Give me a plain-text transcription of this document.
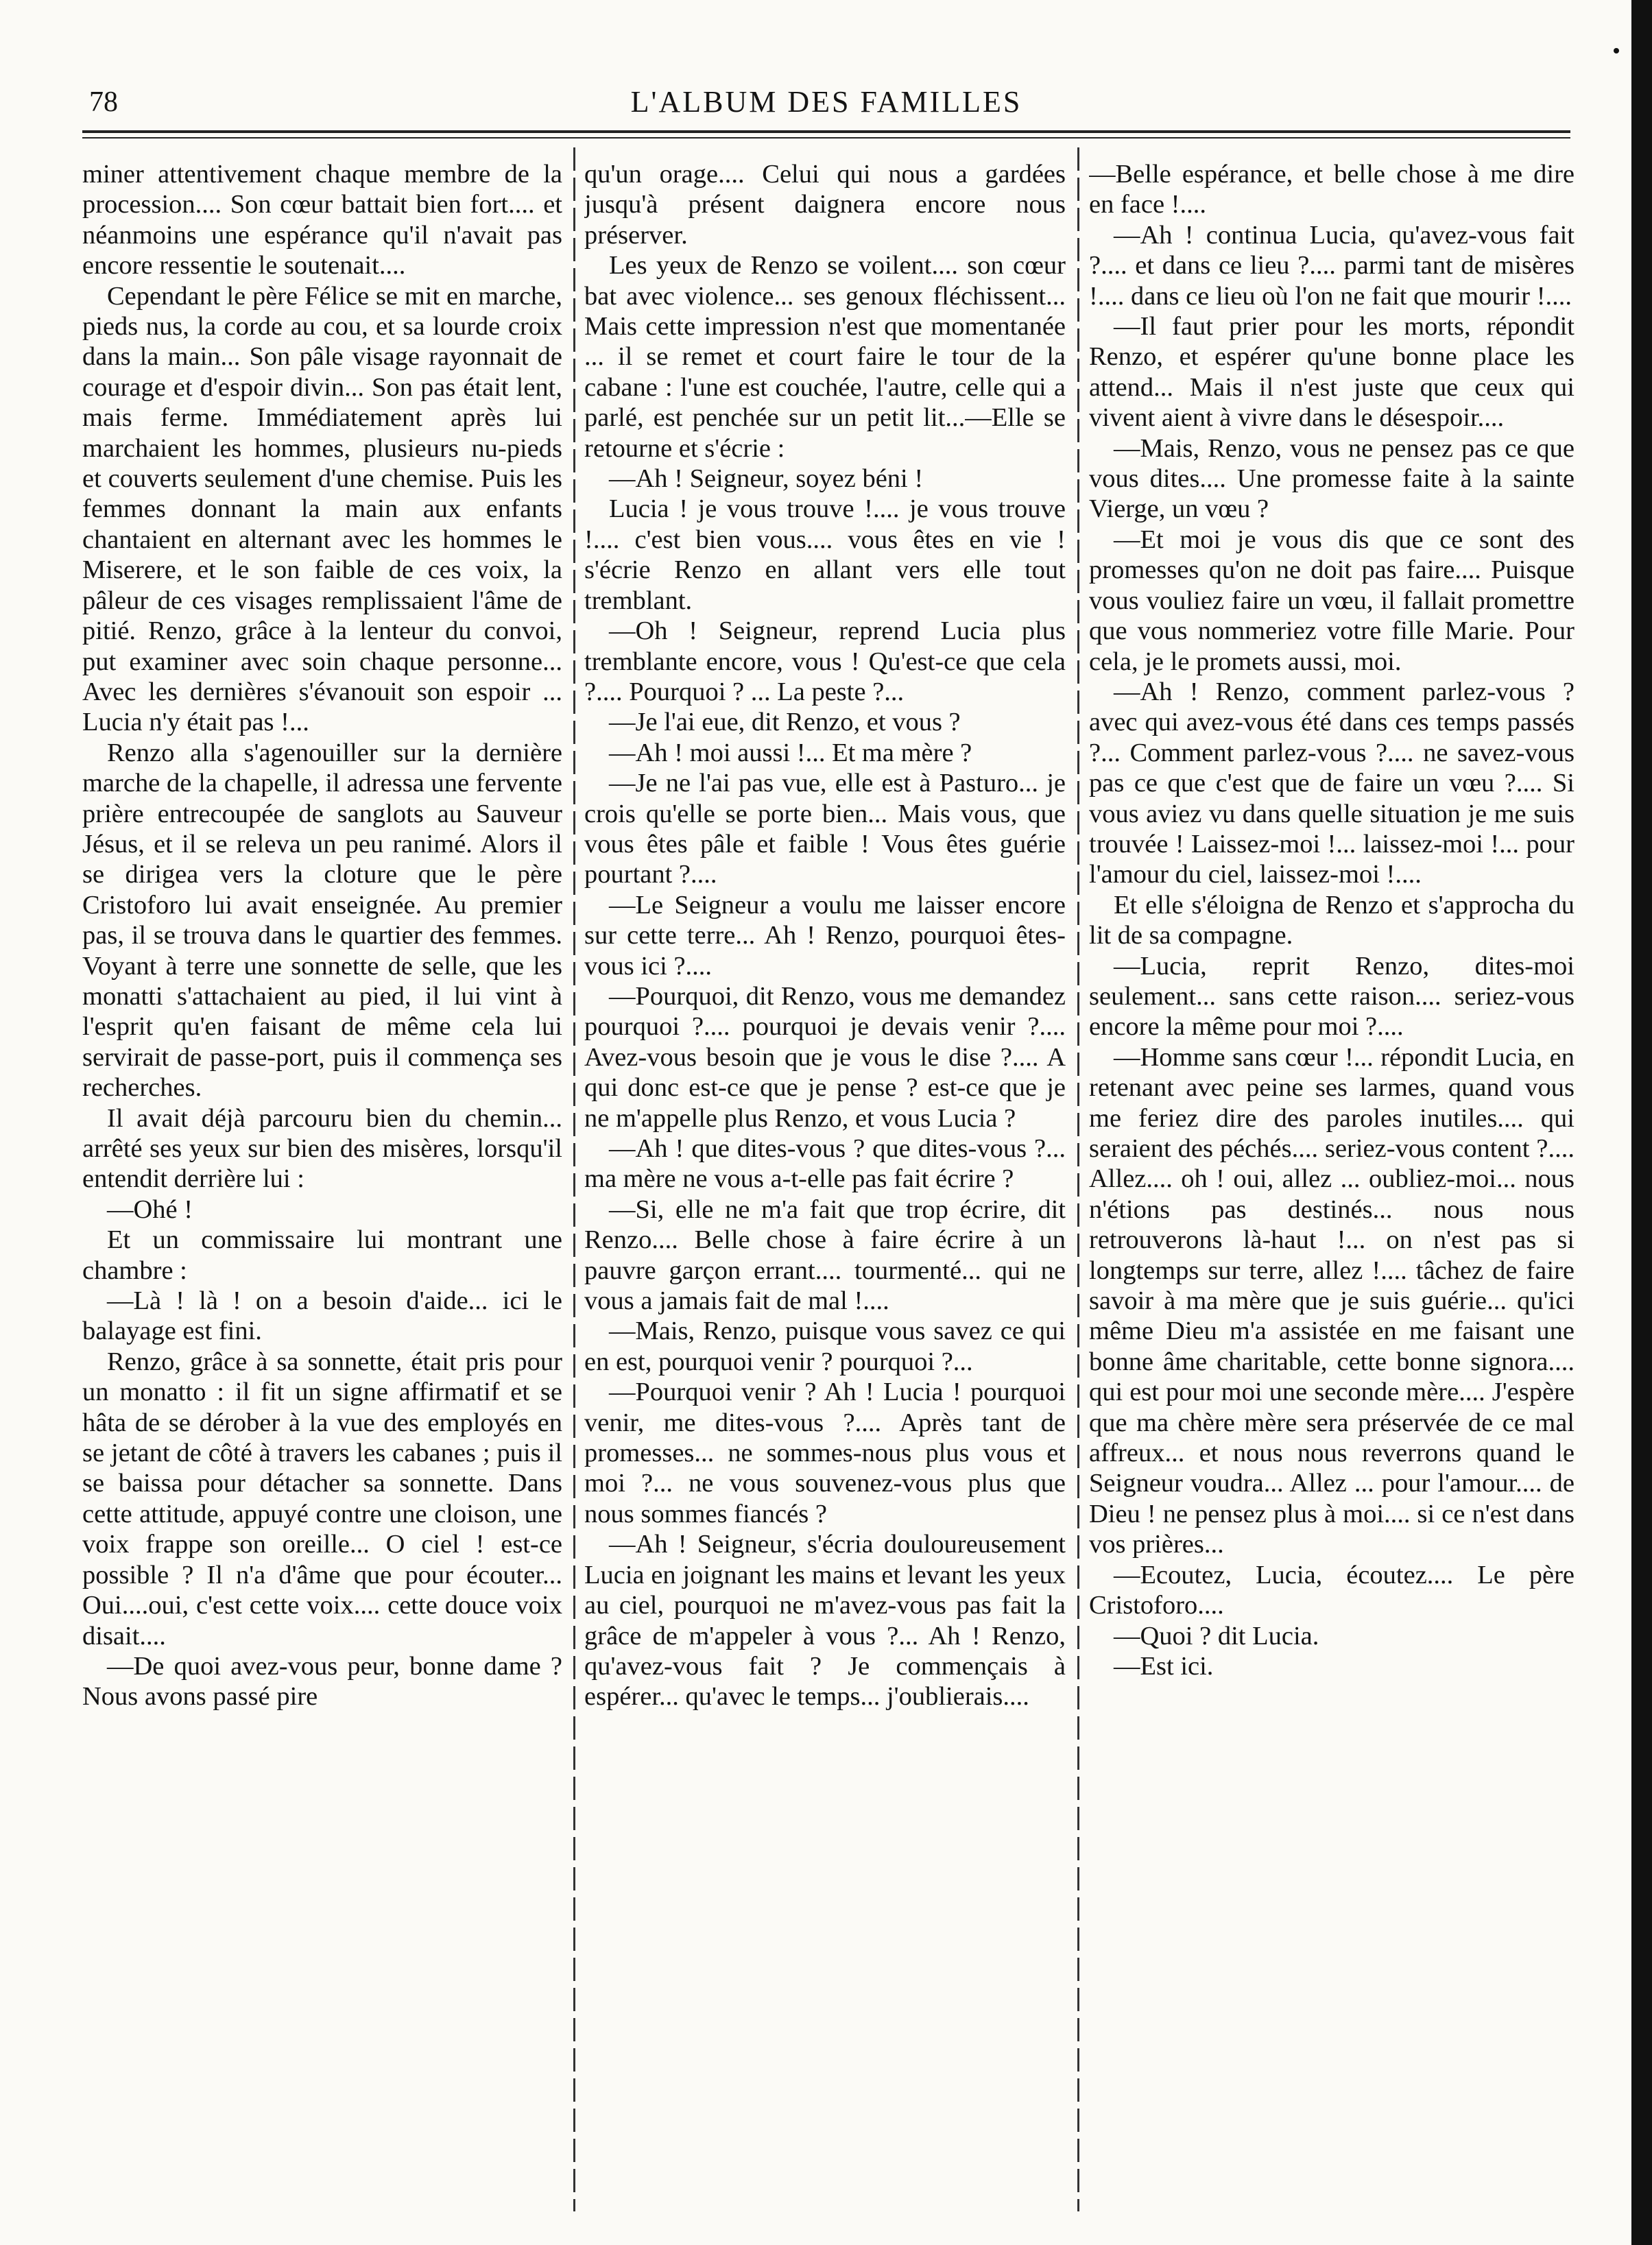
78	L'ALBUM DES FAMILLES

miner attentivement chaque membre de la procession.... Son cœur battait bien fort.... et néanmoins une espérance qu'il n'avait pas encore ressentie le soutenait....

Cependant le père Félice se mit en marche, pieds nus, la corde au cou, et sa lourde croix dans la main... Son pâle visage rayonnait de courage et d'espoir divin... Son pas était lent, mais ferme. Immédiatement après lui marchaient les hommes, plusieurs nu-pieds et couverts seulement d'une chemise. Puis les femmes donnant la main aux enfants chantaient en alternant avec les hommes le Miserere, et le son faible de ces voix, la pâleur de ces visages remplissaient l'âme de pitié. Renzo, grâce à la lenteur du convoi, put examiner avec soin chaque personne... Avec les dernières s'évanouit son espoir ... Lucia n'y était pas !...

Renzo alla s'agenouiller sur la dernière marche de la chapelle, il adressa une fervente prière entrecoupée de sanglots au Sauveur Jésus, et il se releva un peu ranimé. Alors il se dirigea vers la cloture que le père Cristoforo lui avait enseignée. Au premier pas, il se trouva dans le quartier des femmes. Voyant à terre une sonnette de selle, que les monatti s'attachaient au pied, il lui vint à l'esprit qu'en faisant de même cela lui servirait de passe-port, puis il commença ses recherches.

Il avait déjà parcouru bien du chemin... arrêté ses yeux sur bien des misères, lorsqu'il entendit derrière lui :

—Ohé !

Et un commissaire lui montrant une chambre :

—Là ! là ! on a besoin d'aide... ici le balayage est fini.

Renzo, grâce à sa sonnette, était pris pour un monatto : il fit un signe affirmatif et se hâta de se dérober à la vue des employés en se jetant de côté à travers les cabanes ; puis il se baissa pour détacher sa sonnette. Dans cette attitude, appuyé contre une cloison, une voix frappe son oreille... O ciel ! est-ce possible ? Il n'a d'âme que pour écouter... Oui....oui, c'est cette voix.... cette douce voix disait....

—De quoi avez-vous peur, bonne dame ? Nous avons passé pire

qu'un orage.... Celui qui nous a gardées jusqu'à présent daignera encore nous préserver.

Les yeux de Renzo se voilent.... son cœur bat avec violence... ses genoux fléchissent... Mais cette impression n'est que momentanée ... il se remet et court faire le tour de la cabane : l'une est couchée, l'autre, celle qui a parlé, est penchée sur un petit lit...—Elle se retourne et s'écrie :

—Ah ! Seigneur, soyez béni !

Lucia ! je vous trouve !.... je vous trouve !.... c'est bien vous.... vous êtes en vie ! s'écrie Renzo en allant vers elle tout tremblant.

—Oh ! Seigneur, reprend Lucia plus tremblante encore, vous ! Qu'est-ce que cela ?.... Pourquoi ? ... La peste ?...

—Je l'ai eue, dit Renzo, et vous ?

—Ah ! moi aussi !... Et ma mère ?

—Je ne l'ai pas vue, elle est à Pasturo... je crois qu'elle se porte bien... Mais vous, que vous êtes pâle et faible ! Vous êtes guérie pourtant ?....

—Le Seigneur a voulu me laisser encore sur cette terre... Ah ! Renzo, pourquoi êtes-vous ici ?....

—Pourquoi, dit Renzo, vous me demandez pourquoi ?.... pourquoi je devais venir ?.... Avez-vous besoin que je vous le dise ?.... A qui donc est-ce que je pense ? est-ce que je ne m'appelle plus Renzo, et vous Lucia ?

—Ah ! que dites-vous ? que dites-vous ?... ma mère ne vous a-t-elle pas fait écrire ?

—Si, elle ne m'a fait que trop écrire, dit Renzo.... Belle chose à faire écrire à un pauvre garçon errant.... tourmenté... qui ne vous a jamais fait de mal !....

—Mais, Renzo, puisque vous savez ce qui en est, pourquoi venir ? pourquoi ?...

—Pourquoi venir ? Ah ! Lucia ! pourquoi venir, me dites-vous ?.... Après tant de promesses... ne sommes-nous plus vous et moi ?... ne vous souvenez-vous plus que nous sommes fiancés ?

—Ah ! Seigneur, s'écria douloureusement Lucia en joignant les mains et levant les yeux au ciel, pourquoi ne m'avez-vous pas fait la grâce de m'appeler à vous ?... Ah ! Renzo, qu'avez-vous fait ? Je commençais à espérer... qu'avec le temps... j'oublierais....

—Belle espérance, et belle chose à me dire en face !....

—Ah ! continua Lucia, qu'avez-vous fait ?.... et dans ce lieu ?.... parmi tant de misères !.... dans ce lieu où l'on ne fait que mourir !....

—Il faut prier pour les morts, répondit Renzo, et espérer qu'une bonne place les attend... Mais il n'est juste que ceux qui vivent aient à vivre dans le désespoir....

—Mais, Renzo, vous ne pensez pas ce que vous dites.... Une promesse faite à la sainte Vierge, un vœu ?

—Et moi je vous dis que ce sont des promesses qu'on ne doit pas faire.... Puisque vous vouliez faire un vœu, il fallait promettre que vous nommeriez votre fille Marie. Pour cela, je le promets aussi, moi.

—Ah ! Renzo, comment parlez-vous ? avec qui avez-vous été dans ces temps passés ?... Comment parlez-vous ?.... ne savez-vous pas ce que c'est que de faire un vœu ?.... Si vous aviez vu dans quelle situation je me suis trouvée ! Laissez-moi !... laissez-moi !... pour l'amour du ciel, laissez-moi !....

Et elle s'éloigna de Renzo et s'approcha du lit de sa compagne.

—Lucia, reprit Renzo, dites-moi seulement... sans cette raison.... seriez-vous encore la même pour moi ?....

—Homme sans cœur !... répondit Lucia, en retenant avec peine ses larmes, quand vous me feriez dire des paroles inutiles.... qui seraient des péchés.... seriez-vous content ?.... Allez.... oh ! oui, allez ... oubliez-moi... nous n'étions pas destinés... nous nous retrouverons là-haut !... on n'est pas si longtemps sur terre, allez !.... tâchez de faire savoir à ma mère que je suis guérie... qu'ici même Dieu m'a assistée en me faisant une bonne âme charitable, cette bonne signora.... qui est pour moi une seconde mère.... J'espère que ma chère mère sera préservée de ce mal affreux... et nous nous reverrons quand le Seigneur voudra... Allez ... pour l'amour.... de Dieu ! ne pensez plus à moi.... si ce n'est dans vos prières...

—Ecoutez, Lucia, écoutez.... Le père Cristoforo....

—Quoi ? dit Lucia.

—Est ici.
